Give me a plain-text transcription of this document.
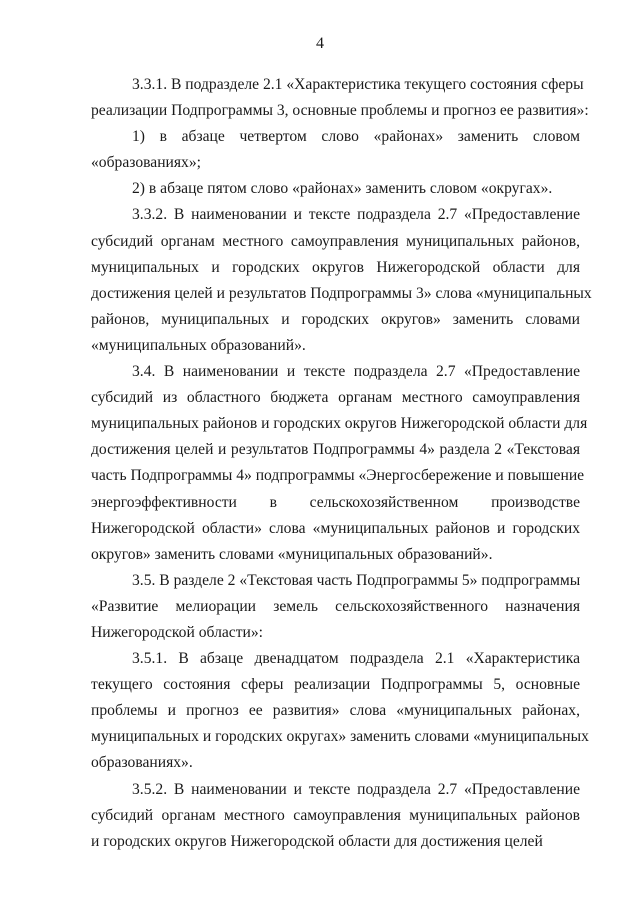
4
3.3.1. В подразделе 2.1 «Характеристика текущего состояния сферы
реализации Подпрограммы 3, основные проблемы и прогноз ее развития»:
1) в абзаце четвертом слово «районах» заменить словом
«образованиях»;
2) в абзаце пятом слово «районах» заменить словом «округах».
3.3.2. В наименовании и тексте подраздела 2.7 «Предоставление
субсидий органам местного самоуправления муниципальных районов,
муниципальных и городских округов Нижегородской области для
достижения целей и результатов Подпрограммы 3» слова «муниципальных
районов, муниципальных и городских округов» заменить словами
«муниципальных образований».
3.4. В наименовании и тексте подраздела 2.7 «Предоставление
субсидий из областного бюджета органам местного самоуправления
муниципальных районов и городских округов Нижегородской области для
достижения целей и результатов Подпрограммы 4» раздела 2 «Текстовая
часть Подпрограммы 4» подпрограммы «Энергосбережение и повышение
энергоэффективности в сельскохозяйственном производстве
Нижегородской области» слова «муниципальных районов и городских
округов» заменить словами «муниципальных образований».
3.5. В разделе 2 «Текстовая часть Подпрограммы 5» подпрограммы
«Развитие мелиорации земель сельскохозяйственного назначения
Нижегородской области»:
3.5.1. В абзаце двенадцатом подраздела 2.1 «Характеристика
текущего состояния сферы реализации Подпрограммы 5, основные
проблемы и прогноз ее развития» слова «муниципальных районах,
муниципальных и городских округах» заменить словами «муниципальных
образованиях».
3.5.2. В наименовании и тексте подраздела 2.7 «Предоставление
субсидий органам местного самоуправления муниципальных районов
и городских округов Нижегородской области для достижения целей
